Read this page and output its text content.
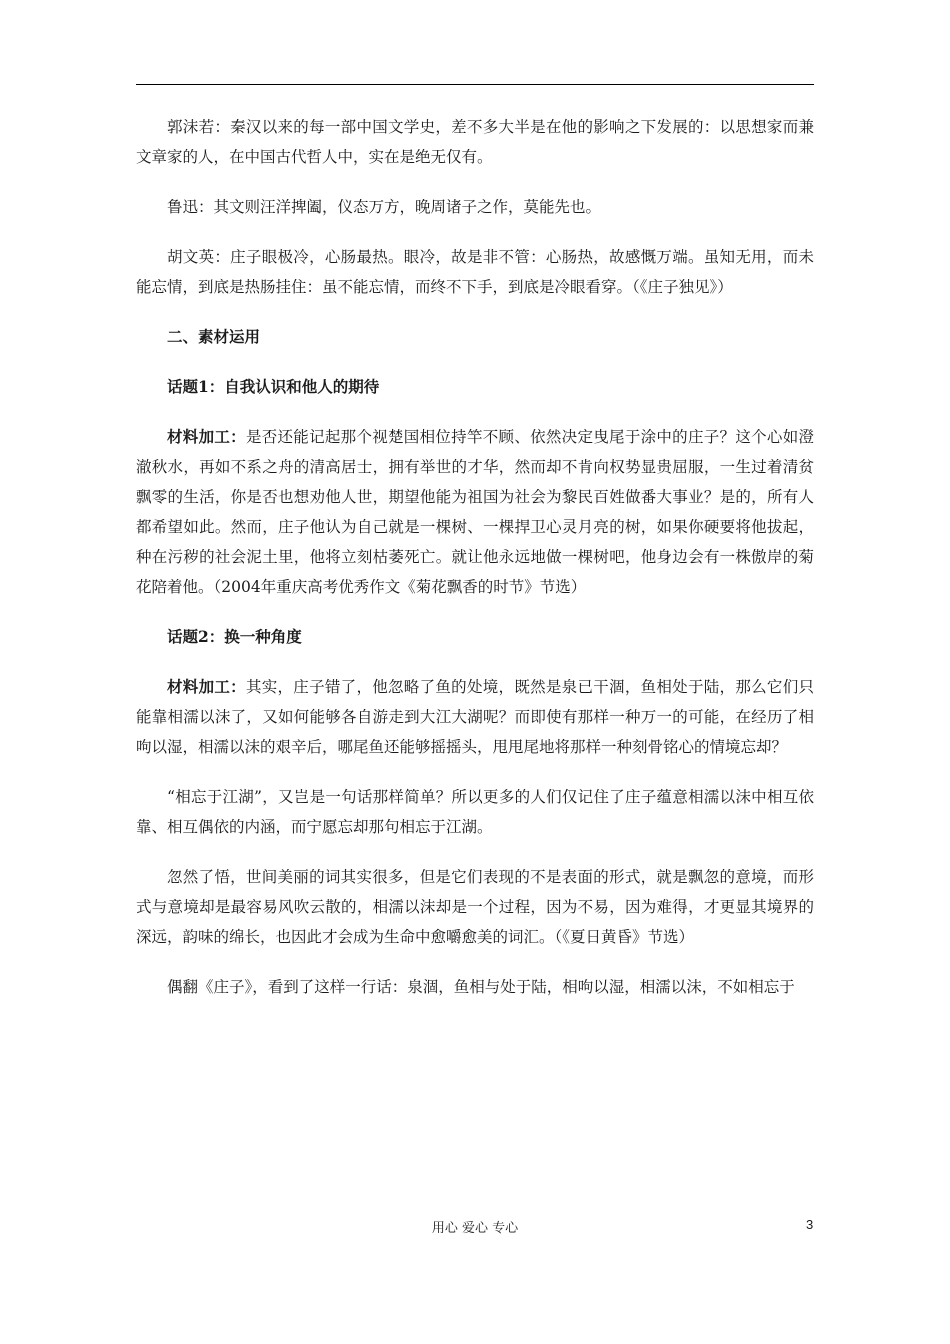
郭沫若：秦汉以来的每一部中国文学史，差不多大半是在他的影响之下发展的：以思想家而兼文章家的人，在中国古代哲人中，实在是绝无仅有。

鲁迅：其文则汪洋捭阖，仪态万方，晚周诸子之作，莫能先也。

胡文英：庄子眼极冷，心肠最热。眼冷，故是非不管：心肠热，故感慨万端。虽知无用，而未能忘情，到底是热肠挂住：虽不能忘情，而终不下手，到底是冷眼看穿。（《庄子独见》）

二、素材运用

话题1：自我认识和他人的期待

材料加工：是否还能记起那个视楚国相位持竿不顾、依然决定曳尾于涂中的庄子？这个心如澄澈秋水，再如不系之舟的清高居士，拥有举世的才华，然而却不肯向权势显贵屈服，一生过着清贫飘零的生活，你是否也想劝他人世，期望他能为祖国为社会为黎民百姓做番大事业？是的，所有人都希望如此。然而，庄子他认为自己就是一棵树、一棵捍卫心灵月亮的树，如果你硬要将他拔起，种在污秽的社会泥土里，他将立刻枯萎死亡。就让他永远地做一棵树吧，他身边会有一株傲岸的菊花陪着他。（2004年重庆高考优秀作文《菊花飘香的时节》节选）

话题2：换一种角度

材料加工：其实，庄子错了，他忽略了鱼的处境，既然是泉已干涸，鱼相处于陆，那么它们只能靠相濡以沫了，又如何能够各自游走到大江大湖呢？而即使有那样一种万一的可能，在经历了相呴以湿，相濡以沫的艰辛后，哪尾鱼还能够摇摇头，甩甩尾地将那样一种刻骨铭心的情境忘却？

“相忘于江湖”，又岂是一句话那样简单？所以更多的人们仅记住了庄子蕴意相濡以沫中相互依靠、相互偶依的内涵，而宁愿忘却那句相忘于江湖。

忽然了悟，世间美丽的词其实很多，但是它们表现的不是表面的形式，就是飘忽的意境，而形式与意境却是最容易风吹云散的，相濡以沫却是一个过程，因为不易，因为难得，才更显其境界的深远，韵味的绵长，也因此才会成为生命中愈嚼愈美的词汇。（《夏日黄昏》节选）

偶翻《庄子》，看到了这样一行话：泉涸，鱼相与处于陆，相呴以湿，相濡以沫，不如相忘于

用心 爱心 专心	3
